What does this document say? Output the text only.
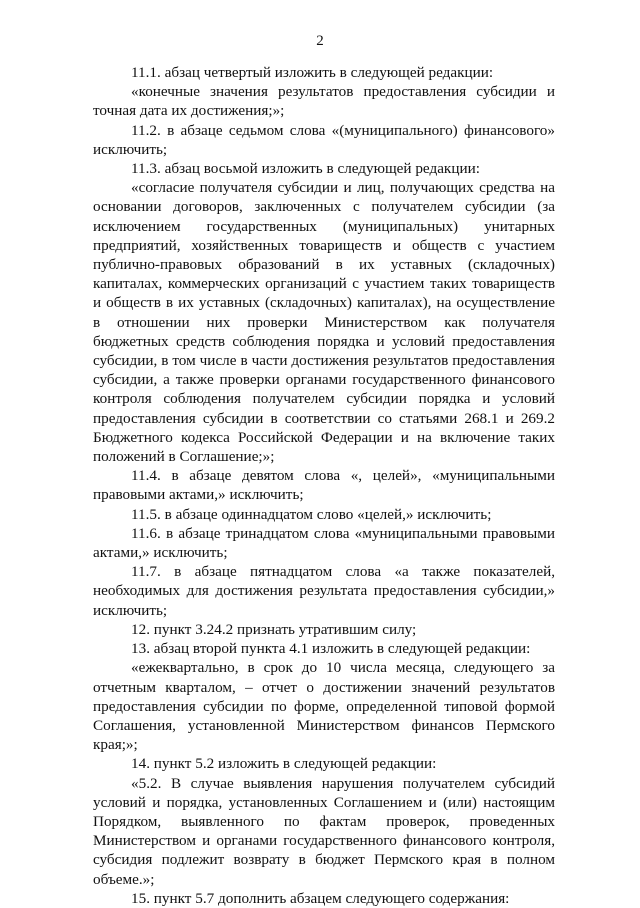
2

11.1. абзац четвертый изложить в следующей редакции:

«конечные значения результатов предоставления субсидии и точная дата их достижения;»;

11.2. в абзаце седьмом слова «(муниципального) финансового» исключить;

11.3. абзац восьмой изложить в следующей редакции:

«согласие получателя субсидии и лиц, получающих средства на основании договоров, заключенных с получателем субсидии (за исключением государственных (муниципальных) унитарных предприятий, хозяйственных товариществ и обществ с участием публично-правовых образований в их уставных (складочных) капиталах, коммерческих организаций с участием таких товариществ и обществ в их уставных (складочных) капиталах), на осуществление в отношении них проверки Министерством как получателя бюджетных средств соблюдения порядка и условий предоставления субсидии, в том числе в части достижения результатов предоставления субсидии, а также проверки органами государственного финансового контроля соблюдения получателем субсидии порядка и условий предоставления субсидии в соответствии со статьями 268.1 и 269.2 Бюджетного кодекса Российской Федерации и на включение таких положений в Соглашение;»;

11.4. в абзаце девятом слова «, целей», «муниципальными правовыми актами,» исключить;

11.5. в абзаце одиннадцатом слово «целей,» исключить;

11.6. в абзаце тринадцатом слова «муниципальными правовыми актами,» исключить;

11.7. в абзаце пятнадцатом слова «а также показателей, необходимых для достижения результата предоставления субсидии,» исключить;

12. пункт 3.24.2 признать утратившим силу;

13. абзац второй пункта 4.1 изложить в следующей редакции:

«ежеквартально, в срок до 10 числа месяца, следующего за отчетным кварталом, – отчет о достижении значений результатов предоставления субсидии по форме, определенной типовой формой Соглашения, установленной Министерством финансов Пермского края;»;

14. пункт 5.2 изложить в следующей редакции:

«5.2. В случае выявления нарушения получателем субсидий условий и порядка, установленных Соглашением и (или) настоящим Порядком, выявленного по фактам проверок, проведенных Министерством и органами государственного финансового контроля, субсидия подлежит возврату в бюджет Пермского края в полном объеме.»;

15. пункт 5.7 дополнить абзацем следующего содержания:
